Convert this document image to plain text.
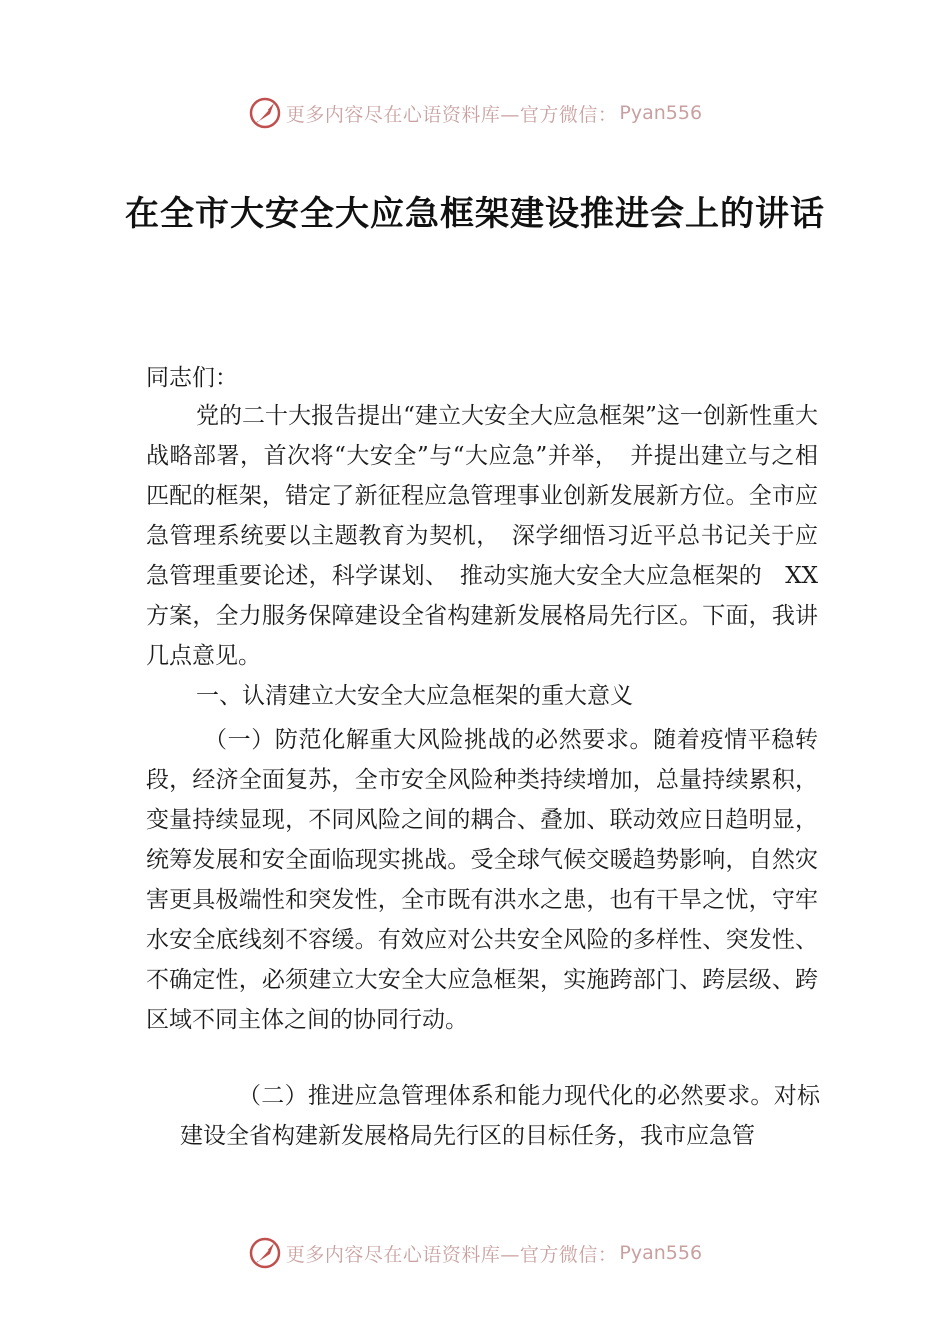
更多内容尽在心语资料库—官方微信： Pyan556
在全市大安全大应急框架建设推进会上的讲话

同志们：

党的二十大报告提出“建立大安全大应急框架”这一创新性重大战略部署，首次将“大安全”与“大应急”并举，　并提出建立与之相匹配的框架，错定了新征程应急管理事业创新发展新方位。全市应急管理系统要以主题教育为契机，　深学细悟习近平总书记关于应急管理重要论述，科学谋划、　推动实施大安全大应急框架的　XX 方案，全力服务保障建设全省构建新发展格局先行区。下面，我讲几点意见。

一、认清建立大安全大应急框架的重大意义

（一）防范化解重大风险挑战的必然要求。随着疫情平稳转段，经济全面复苏，全市安全风险种类持续增加，总量持续累积，变量持续显现，不同风险之间的耦合、叠加、联动效应日趋明显，统筹发展和安全面临现实挑战。受全球气候交暖趋势影响，自然灾害更具极端性和突发性，全市既有洪水之患，也有干旱之忧，守牢水安全底线刻不容缓。有效应对公共安全风险的多样性、突发性、不确定性，必须建立大安全大应急框架，实施跨部门、跨层级、跨区域不同主体之间的协同行动。

（二）推进应急管理体系和能力现代化的必然要求。对标建设全省构建新发展格局先行区的目标任务，我市应急管

更多内容尽在心语资料库—官方微信： Pyan556
